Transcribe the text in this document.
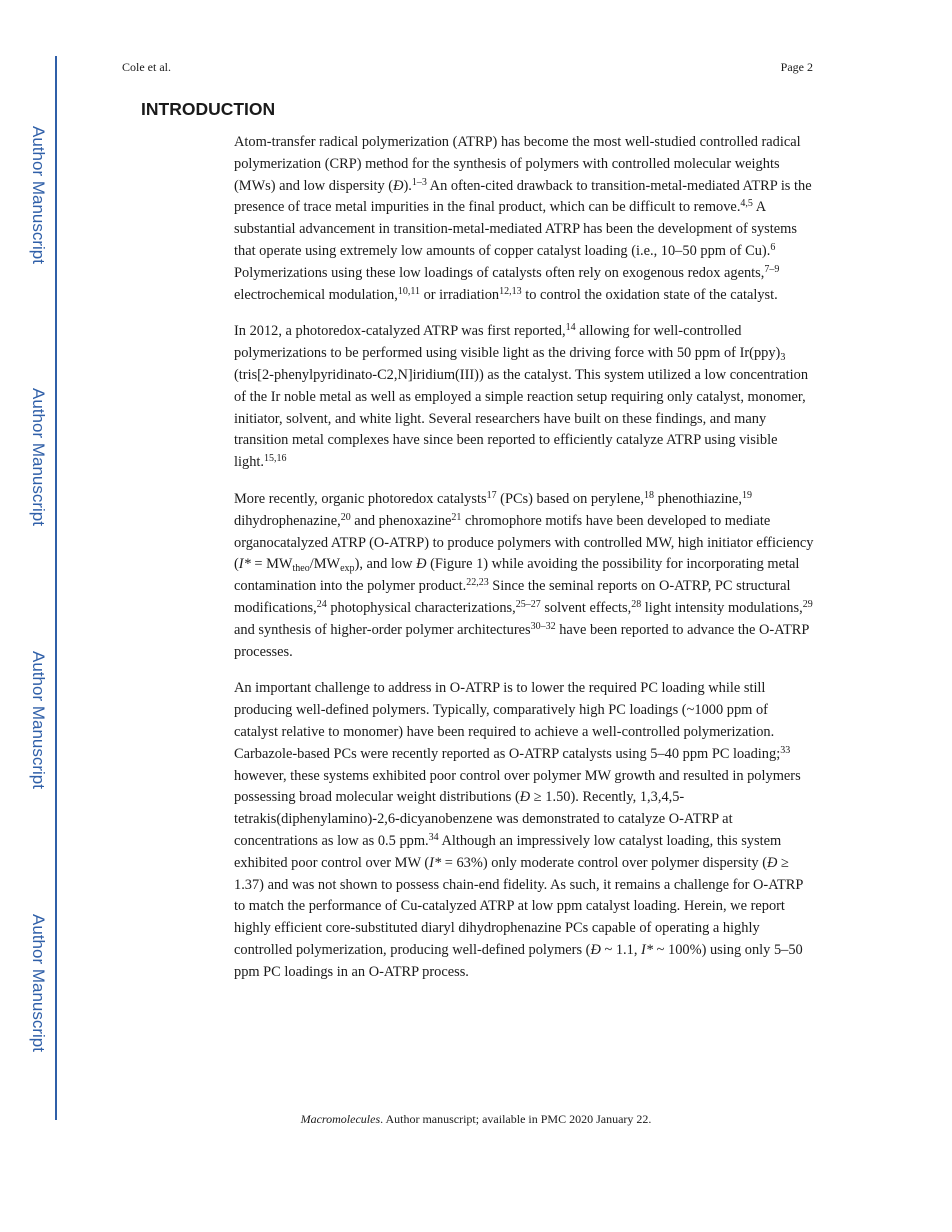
Author Manuscript
Author Manuscript
Author Manuscript
Author Manuscript
Cole et al.	Page 2
INTRODUCTION

Atom-transfer radical polymerization (ATRP) has become the most well-studied controlled radical polymerization (CRP) method for the synthesis of polymers with controlled molecular weights (MWs) and low dispersity (Đ).$^{1-3}$ An often-cited drawback to transition-metal-mediated ATRP is the presence of trace metal impurities in the final product, which can be difficult to remove.$^{4,5}$ A substantial advancement in transition-metal-mediated ATRP has been the development of systems that operate using extremely low amounts of copper catalyst loading (i.e., 10–50 ppm of Cu).$^6$ Polymerizations using these low loadings of catalysts often rely on exogenous redox agents,$^{7-9}$ electrochemical modulation,$^{10,11}$ or irradiation$^{12,13}$ to control the oxidation state of the catalyst.

In 2012, a photoredox-catalyzed ATRP was first reported,$^{14}$ allowing for well-controlled polymerizations to be performed using visible light as the driving force with 50 ppm of $Ir(ppy)_3$ (tris[2-phenylpyridinato-C2,N]iridium(III)) as the catalyst. This system utilized a low concentration of the Ir noble metal as well as employed a simple reaction setup requiring only catalyst, monomer, initiator, solvent, and white light. Several researchers have built on these findings, and many transition metal complexes have since been reported to efficiently catalyze ATRP using visible light.$^{15,16}$

More recently, organic photoredox catalysts$^{17}$ (PCs) based on perylene,$^{18}$ phenothiazine,$^{19}$ dihydrophenazine,$^{20}$ and phenoxazine$^{21}$ chromophore motifs have been developed to mediate organocatalyzed ATRP (O-ATRP) to produce polymers with controlled MW, high initiator efficiency $(I* = MW_{theo}/MW_{exp})$, and low Đ (Figure 1) while avoiding the possibility for incorporating metal contamination into the polymer product.$^{22,23}$ Since the seminal reports on O-ATRP, PC structural modifications,$^{24}$ photophysical characterizations,$^{25-27}$ solvent effects,$^{28}$ light intensity modulations,$^{29}$ and synthesis of higher-order polymer architectures$^{30-32}$ have been reported to advance the O-ATRP processes.

An important challenge to address in O-ATRP is to lower the required PC loading while still producing well-defined polymers. Typically, comparatively high PC loadings (~1000 ppm of catalyst relative to monomer) have been required to achieve a well-controlled polymerization. Carbazole-based PCs were recently reported as O-ATRP catalysts using 5–40 ppm PC loading;$^{33}$ however, these systems exhibited poor control over polymer MW growth and resulted in polymers possessing broad molecular weight distributions (Đ ≥ 1.50). Recently, 1,3,4,5-tetrakis(diphenylamino)-2,6-dicyanobenzene was demonstrated to catalyze O-ATRP at concentrations as low as 0.5 ppm.$^{34}$ Although an impressively low catalyst loading, this system exhibited poor control over MW (I* = 63%) only moderate control over polymer dispersity (Đ ≥ 1.37) and was not shown to possess chain-end fidelity. As such, it remains a challenge for O-ATRP to match the performance of Cu-catalyzed ATRP at low ppm catalyst loading. Herein, we report highly efficient core-substituted diaryl dihydrophenazine PCs capable of operating a highly controlled polymerization, producing well-defined polymers (Đ ~ 1.1, I* ~ 100%) using only 5–50 ppm PC loadings in an O-ATRP process.

Macromolecules. Author manuscript; available in PMC 2020 January 22.
